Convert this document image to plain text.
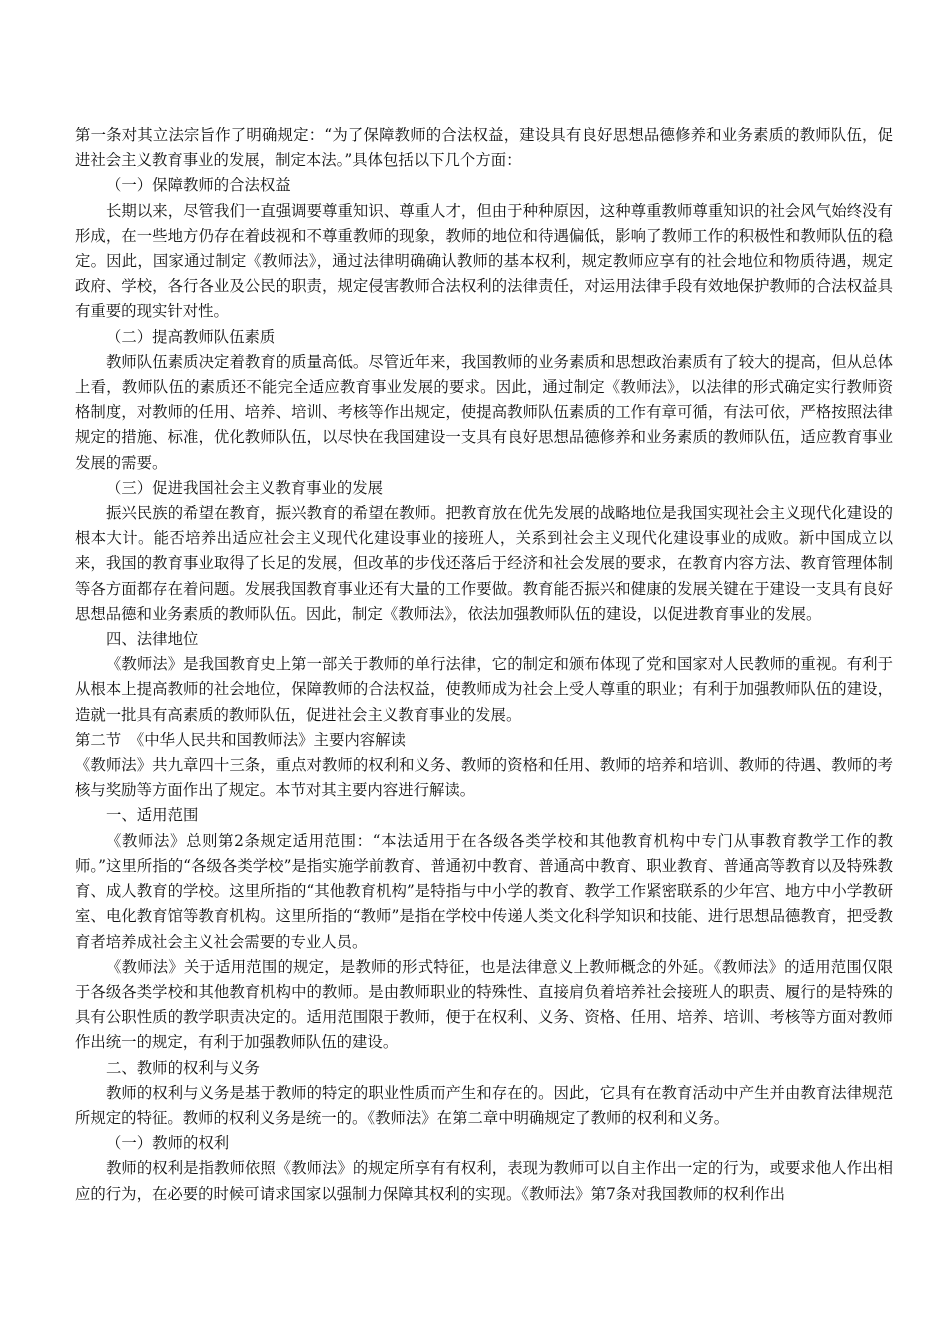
第一条对其立法宗旨作了明确规定：“为了保障教师的合法权益，建设具有良好思想品德修养和业务素质的教师队伍，促进社会主义教育事业的发展，制定本法。”具体包括以下几个方面：

（一）保障教师的合法权益

长期以来，尽管我们一直强调要尊重知识、尊重人才，但由于种种原因，这种尊重教师尊重知识的社会风气始终没有形成，在一些地方仍存在着歧视和不尊重教师的现象，教师的地位和待遇偏低，影响了教师工作的积极性和教师队伍的稳定。因此，国家通过制定《教师法》，通过法律明确确认教师的基本权利，规定教师应享有的社会地位和物质待遇，规定政府、学校，各行各业及公民的职责，规定侵害教师合法权利的法律责任，对运用法律手段有效地保护教师的合法权益具有重要的现实针对性。

（二）提高教师队伍素质

教师队伍素质决定着教育的质量高低。尽管近年来，我国教师的业务素质和思想政治素质有了较大的提高，但从总体上看，教师队伍的素质还不能完全适应教育事业发展的要求。因此，通过制定《教师法》，以法律的形式确定实行教师资格制度，对教师的任用、培养、培训、考核等作出规定，使提高教师队伍素质的工作有章可循，有法可依，严格按照法律规定的措施、标准，优化教师队伍，以尽快在我国建设一支具有良好思想品德修养和业务素质的教师队伍，适应教育事业发展的需要。

（三）促进我国社会主义教育事业的发展

振兴民族的希望在教育，振兴教育的希望在教师。把教育放在优先发展的战略地位是我国实现社会主义现代化建设的根本大计。能否培养出适应社会主义现代化建设事业的接班人，关系到社会主义现代化建设事业的成败。新中国成立以来，我国的教育事业取得了长足的发展，但改革的步伐还落后于经济和社会发展的要求，在教育内容方法、教育管理体制等各方面都存在着问题。发展我国教育事业还有大量的工作要做。教育能否振兴和健康的发展关键在于建设一支具有良好思想品德和业务素质的教师队伍。因此，制定《教师法》，依法加强教师队伍的建设，以促进教育事业的发展。

四、法律地位

《教师法》是我国教育史上第一部关于教师的单行法律，它的制定和颁布体现了党和国家对人民教师的重视。有利于从根本上提高教师的社会地位，保障教师的合法权益，使教师成为社会上受人尊重的职业；有利于加强教师队伍的建设，造就一批具有高素质的教师队伍，促进社会主义教育事业的发展。

第二节　《中华人民共和国教师法》主要内容解读

《教师法》共九章四十三条，重点对教师的权利和义务、教师的资格和任用、教师的培养和培训、教师的待遇、教师的考核与奖励等方面作出了规定。本节对其主要内容进行解读。

一、适用范围

《教师法》总则第2条规定适用范围：“本法适用于在各级各类学校和其他教育机构中专门从事教育教学工作的教师。”这里所指的“各级各类学校”是指实施学前教育、普通初中教育、普通高中教育、职业教育、普通高等教育以及特殊教育、成人教育的学校。这里所指的“其他教育机构”是特指与中小学的教育、教学工作紧密联系的少年宫、地方中小学教研室、电化教育馆等教育机构。这里所指的“教师”是指在学校中传递人类文化科学知识和技能、进行思想品德教育，把受教育者培养成社会主义社会需要的专业人员。

《教师法》关于适用范围的规定，是教师的形式特征，也是法律意义上教师概念的外延。《教师法》的适用范围仅限于各级各类学校和其他教育机构中的教师。是由教师职业的特殊性、直接肩负着培养社会接班人的职责、履行的是特殊的具有公职性质的教学职责决定的。适用范围限于教师，便于在权利、义务、资格、任用、培养、培训、考核等方面对教师作出统一的规定，有利于加强教师队伍的建设。

二、教师的权利与义务

教师的权利与义务是基于教师的特定的职业性质而产生和存在的。因此，它具有在教育活动中产生并由教育法律规范所规定的特征。教师的权利义务是统一的。《教师法》在第二章中明确规定了教师的权利和义务。

（一）教师的权利

教师的权利是指教师依照《教师法》的规定所享有有权利，表现为教师可以自主作出一定的行为，或要求他人作出相应的行为，在必要的时候可请求国家以强制力保障其权利的实现。《教师法》第7条对我国教师的权利作出
